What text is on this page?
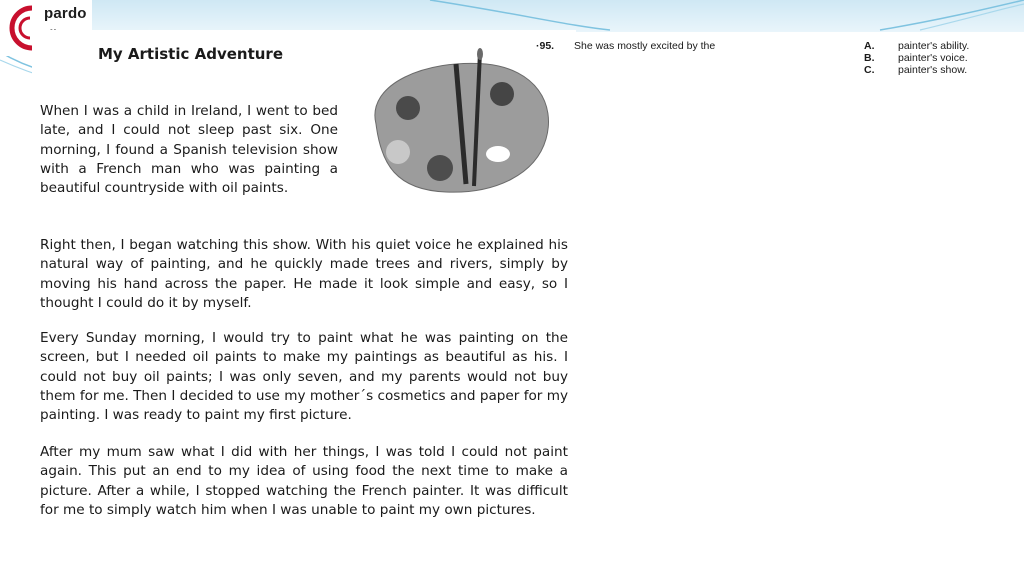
pardo
My Artistic Adventure

When I was a child in Ireland, I went to bed late, and I could not sleep past six. One morning, I found a Spanish television show with a French man who was painting a beautiful countryside with oil paints.

Right then, I began watching this show. With his quiet voice he explained his natural way of painting, and he quickly made trees and rivers, simply by moving his hand across the paper. He made it look simple and easy, so I thought I could do it by myself.

Every Sunday morning, I would try to paint what he was painting on the screen, but I needed oil paints to make my paintings as beautiful as his. I could not buy oil paints; I was only seven, and my parents would not buy them for me. Then I decided to use my mother´s cosmetics and paper for my painting. I was ready to paint my first picture.

After my mum saw what I did with her things, I was told I could not paint again. This put an end to my idea of using food the next time to make a picture. After a while, I stopped watching the French painter. It was difficult for me to simply watch him when I was unable to paint my own pictures.

·95. She was mostly excited by the	A. painter's ability.
B. painter's voice.
C. painter's show.
